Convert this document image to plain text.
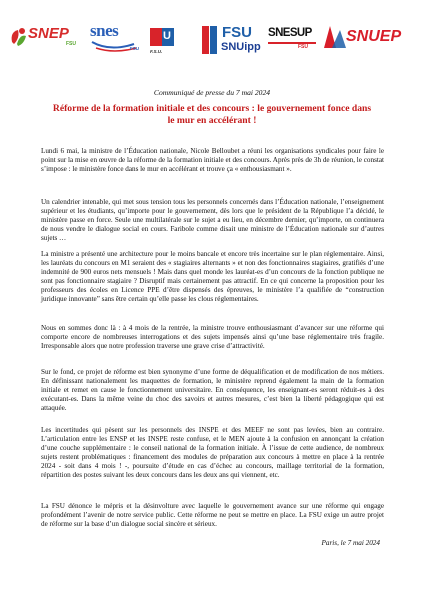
SNEP
FSU
snes
FSU
U
F.S.U.
FSU
SNUipp
SNESUP
FSU
SNUEP
Communiqué de presse du 7 mai 2024
Réforme de la formation initiale et des concours : le gouvernement fonce dans le mur en accélérant !

Lundi 6 mai, la ministre de l’Éducation nationale, Nicole Belloubet a réuni les organisations syndicales pour faire le point sur la mise en œuvre de la réforme de la formation initiale et des concours. Après près de 3h de réunion, le constat s’impose : le ministère fonce dans le mur en accélérant et trouve ça « enthousiasmant ».

Un calendrier intenable, qui met sous tension tous les personnels concernés dans l’Éducation nationale, l’enseignement supérieur et les étudiants, qu’importe pour le gouvernement, dès lors que le président de la République l’a décidé, le ministère passe en force. Seule une multilatérale sur le sujet a eu lieu, en décembre dernier, qu’importe, on continuera de nous vendre le dialogue social en cours. Faribole comme disait une ministre de l’Éducation nationale sur d’autres sujets …

La ministre a présenté une architecture pour le moins bancale et encore très incertaine sur le plan réglementaire. Ainsi, les lauréats du concours en M1 seraient des « stagiaires alternants » et non des fonctionnaires stagiaires, gratifiés d’une indemnité de 900 euros nets mensuels ! Mais dans quel monde les lauréat-es d’un concours de la fonction publique ne sont pas fonctionnaire stagiaire ? Disruptif mais certainement pas attractif. En ce qui concerne la proposition pour les professeurs des écoles en Licence PPE d’être dispensés des épreuves, le ministère l’a qualifiée de “construction juridique innovante” sans être certain qu’elle passe les clous réglementaires.

Nous en sommes donc là : à 4 mois de la rentrée, la ministre trouve enthousiasmant d’avancer sur une réforme qui comporte encore de nombreuses interrogations et des sujets impensés ainsi qu’une base réglementaire très fragile. Irresponsable alors que notre profession traverse une grave crise d’attractivité.

Sur le fond, ce projet de réforme est bien synonyme d’une forme de déqualification et de modification de nos métiers. En définissant nationalement les maquettes de formation, le ministère reprend également la main de la formation initiale et remet en cause le fonctionnement universitaire. En conséquence, les enseignant-es seront réduit-es à des exécutant-es. Dans la même veine du choc des savoirs et autres mesures, c’est bien la liberté pédagogique qui est attaquée.

Les incertitudes qui pèsent sur les personnels des INSPE et des MEEF ne sont pas levées, bien au contraire. L’articulation entre les ENSP et les INSPE reste confuse, et le MEN ajoute à la confusion en annonçant la création d’une couche supplémentaire : le conseil national de la formation initiale. À l’issue de cette audience, de nombreux sujets restent problématiques : financement des modules de préparation aux concours à mettre en place à la rentrée 2024 - soit dans 4 mois ! -, poursuite d’étude en cas d’échec au concours, maillage territorial de la formation, répartition des postes suivant les deux concours dans les deux ans qui viennent, etc.

La FSU dénonce le mépris et la désinvolture avec laquelle le gouvernement avance sur une réforme qui engage profondément l’avenir de notre service public. Cette réforme ne peut se mettre en place. La FSU exige un autre projet de réforme sur la base d’un dialogue social sincère et sérieux.

Paris, le 7 mai 2024
